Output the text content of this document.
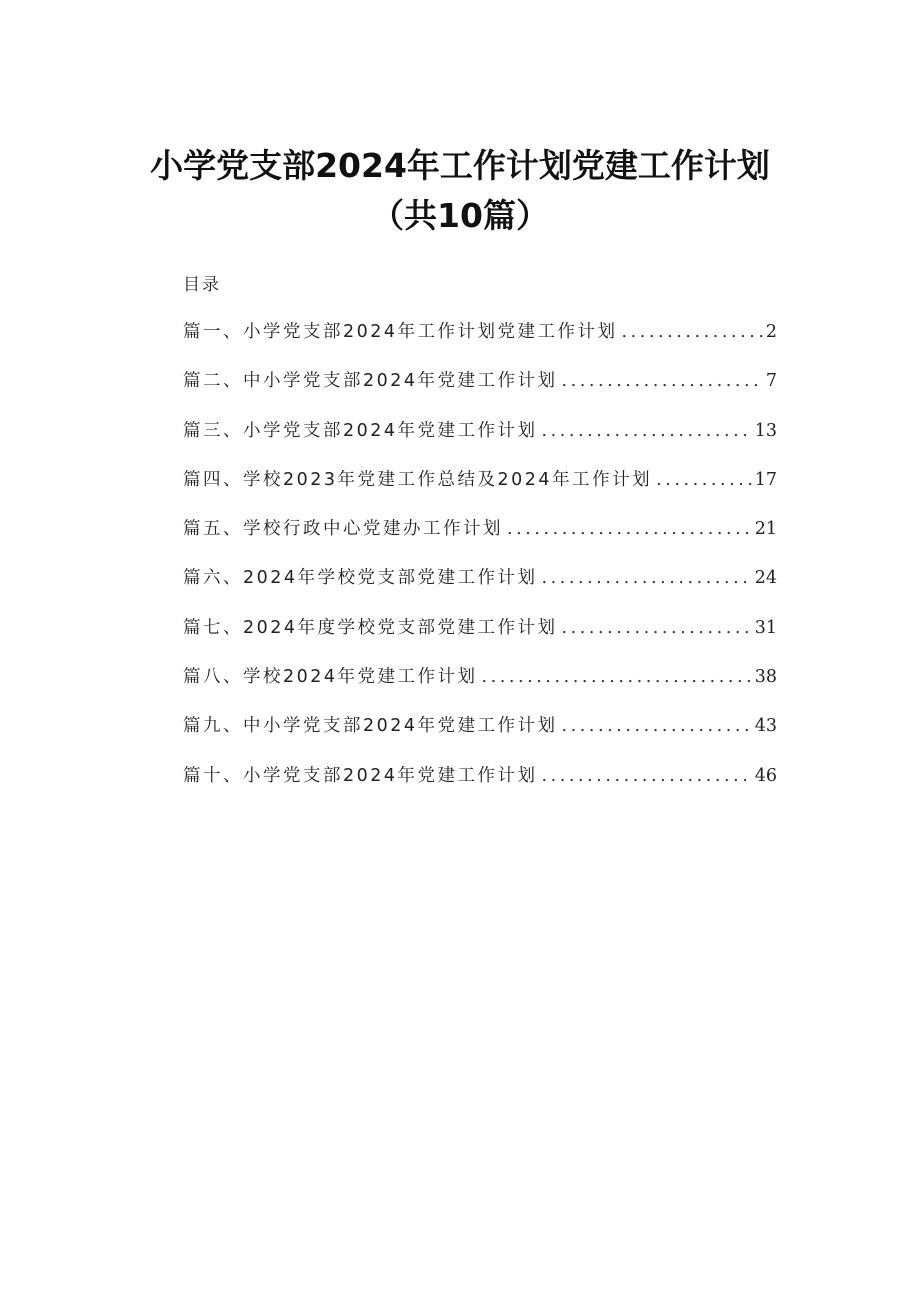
小学党支部2024年工作计划党建工作计划
（共10篇）
目录
篇一、小学党支部2024年工作计划党建工作计划 . . .	2
篇二、中小学党支部2024年党建工作计划 . . .	7
篇三、小学党支部2024年党建工作计划 . . .	13
篇四、学校2023年党建工作总结及2024年工作计划 . . .	17
篇五、学校行政中心党建办工作计划 . . .	21
篇六、2024年学校党支部党建工作计划 . . .	24
篇七、2024年度学校党支部党建工作计划 . . .	31
篇八、学校2024年党建工作计划 . . .	38
篇九、中小学党支部2024年党建工作计划 . . .	43
篇十、小学党支部2024年党建工作计划 . . .	46
